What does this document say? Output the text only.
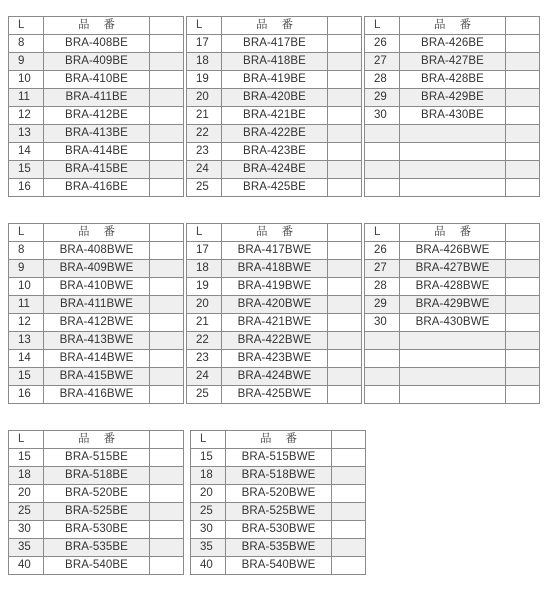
L	品番	
8	BRA-408BE	
9	BRA-409BE	
10	BRA-410BE	
11	BRA-411BE	
12	BRA-412BE	
13	BRA-413BE	
14	BRA-414BE	
15	BRA-415BE	
16	BRA-416BE	
L	品番	
17	BRA-417BE	
18	BRA-418BE	
19	BRA-419BE	
20	BRA-420BE	
21	BRA-421BE	
22	BRA-422BE	
23	BRA-423BE	
24	BRA-424BE	
25	BRA-425BE	
L	品番	
26	BRA-426BE	
27	BRA-427BE	
28	BRA-428BE	
29	BRA-429BE	
30	BRA-430BE	

L	品番	
8	BRA-408BWE	
9	BRA-409BWE	
10	BRA-410BWE	
11	BRA-411BWE	
12	BRA-412BWE	
13	BRA-413BWE	
14	BRA-414BWE	
15	BRA-415BWE	
16	BRA-416BWE	
L	品番	
17	BRA-417BWE	
18	BRA-418BWE	
19	BRA-419BWE	
20	BRA-420BWE	
21	BRA-421BWE	
22	BRA-422BWE	
23	BRA-423BWE	
24	BRA-424BWE	
25	BRA-425BWE	
L	品番	
26	BRA-426BWE	
27	BRA-427BWE	
28	BRA-428BWE	
29	BRA-429BWE	
30	BRA-430BWE	

L	品番	
15	BRA-515BE	
18	BRA-518BE	
20	BRA-520BE	
25	BRA-525BE	
30	BRA-530BE	
35	BRA-535BE	
40	BRA-540BE	
L	品番	
15	BRA-515BWE	
18	BRA-518BWE	
20	BRA-520BWE	
25	BRA-525BWE	
30	BRA-530BWE	
35	BRA-535BWE	
40	BRA-540BWE	
